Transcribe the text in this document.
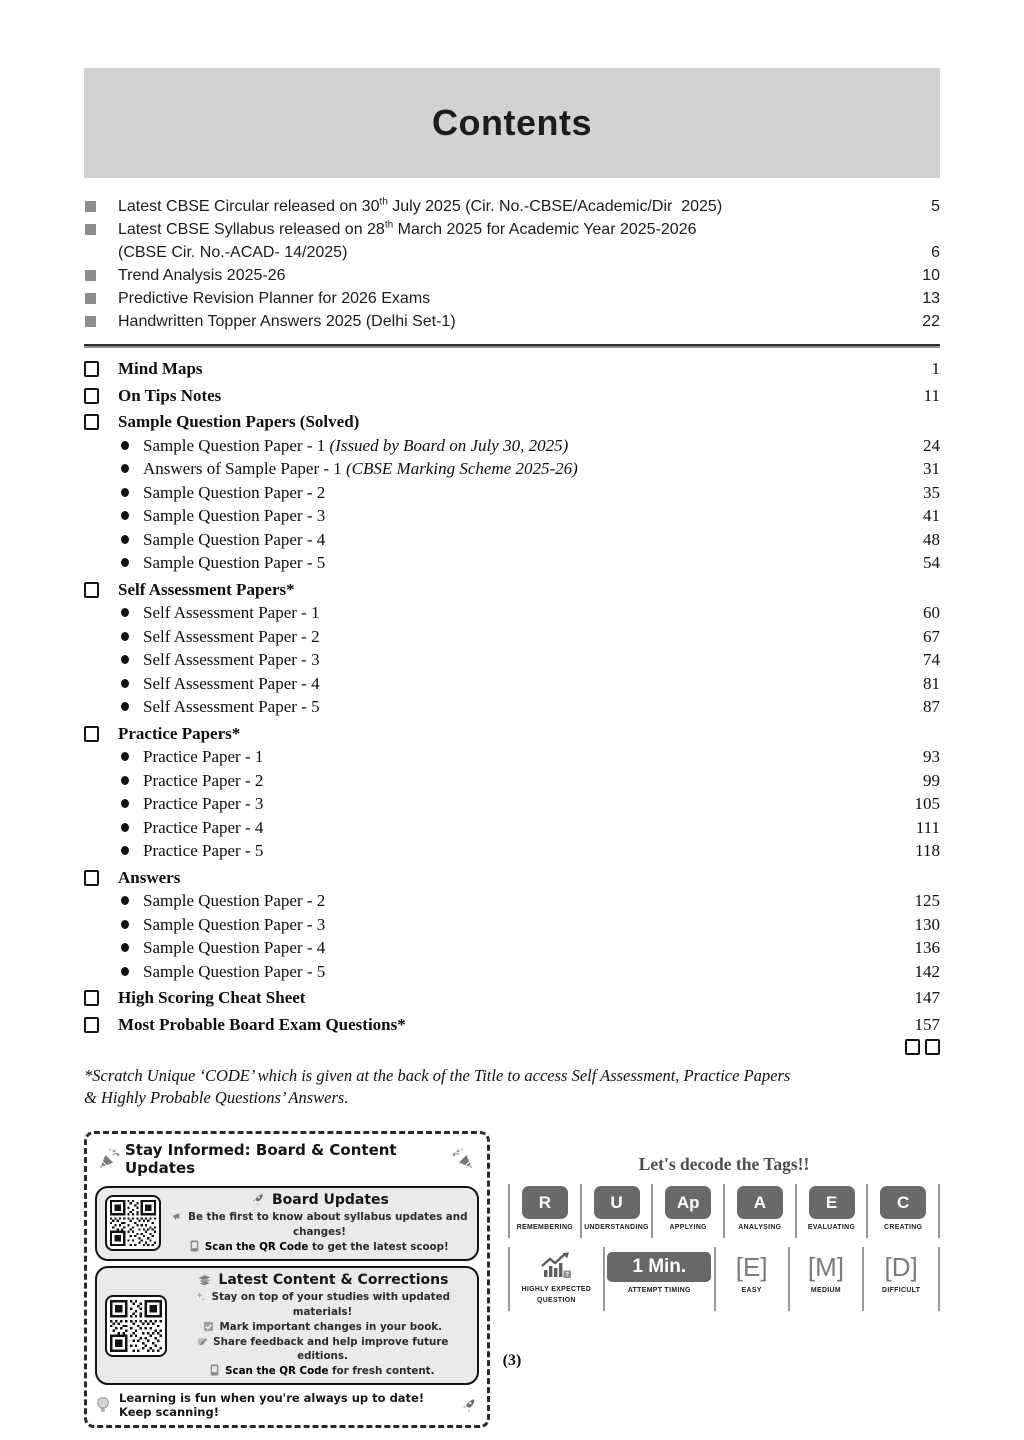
Contents
Latest CBSE Circular released on 30th July 2025 (Cir. No.-CBSE/Academic/Dir  2025)	5
Latest CBSE Syllabus released on 28th March 2025 for Academic Year 2025-2026
(CBSE Cir. No.-ACAD- 14/2025)	6
Trend Analysis 2025-26	10
Predictive Revision Planner for 2026 Exams	13
Handwritten Topper Answers 2025 (Delhi Set-1)	22
Mind Maps	1
On Tips Notes	11
Sample Question Papers (Solved)
Sample Question Paper - 1 (Issued by Board on July 30, 2025)	24
Answers of Sample Paper - 1 (CBSE Marking Scheme 2025-26)	31
Sample Question Paper - 2	35
Sample Question Paper - 3	41
Sample Question Paper - 4	48
Sample Question Paper - 5	54
Self Assessment Papers*
Self Assessment Paper - 1	60
Self Assessment Paper - 2	67
Self Assessment Paper - 3	74
Self Assessment Paper - 4	81
Self Assessment Paper - 5	87
Practice Papers*
Practice Paper - 1	93
Practice Paper - 2	99
Practice Paper - 3	105
Practice Paper - 4	111
Practice Paper - 5	118
Answers
Sample Question Paper - 2	125
Sample Question Paper - 3	130
Sample Question Paper - 4	136
Sample Question Paper - 5	142
High Scoring Cheat Sheet	147
Most Probable Board Exam Questions*	157
*Scratch Unique ‘CODE’ which is given at the back of the Title to access Self Assessment, Practice Papers
& Highly Probable Questions’ Answers.
Stay Informed: Board & Content Updates
Board Updates
Be the first to know about syllabus updates and changes!
Scan the QR Code to get the latest scoop!
Latest Content & Corrections
Stay on top of your studies with updated materials!
Mark important changes in your book.
Share feedback and help improve future editions.
Scan the QR Code for fresh content.
Learning is fun when you're always up to date! Keep scanning!
Let's decode the Tags!!
R
REMEMBERING
U
UNDERSTANDING
Ap
APPLYING
A
ANALYSING
E
EVALUATING
C
CREATING
?
HIGHLY EXPECTED
QUESTION
1 Min.
ATTEMPT TIMING
[E]
EASY
[M]
MEDIUM
[D]
DIFFICULT
(3)
